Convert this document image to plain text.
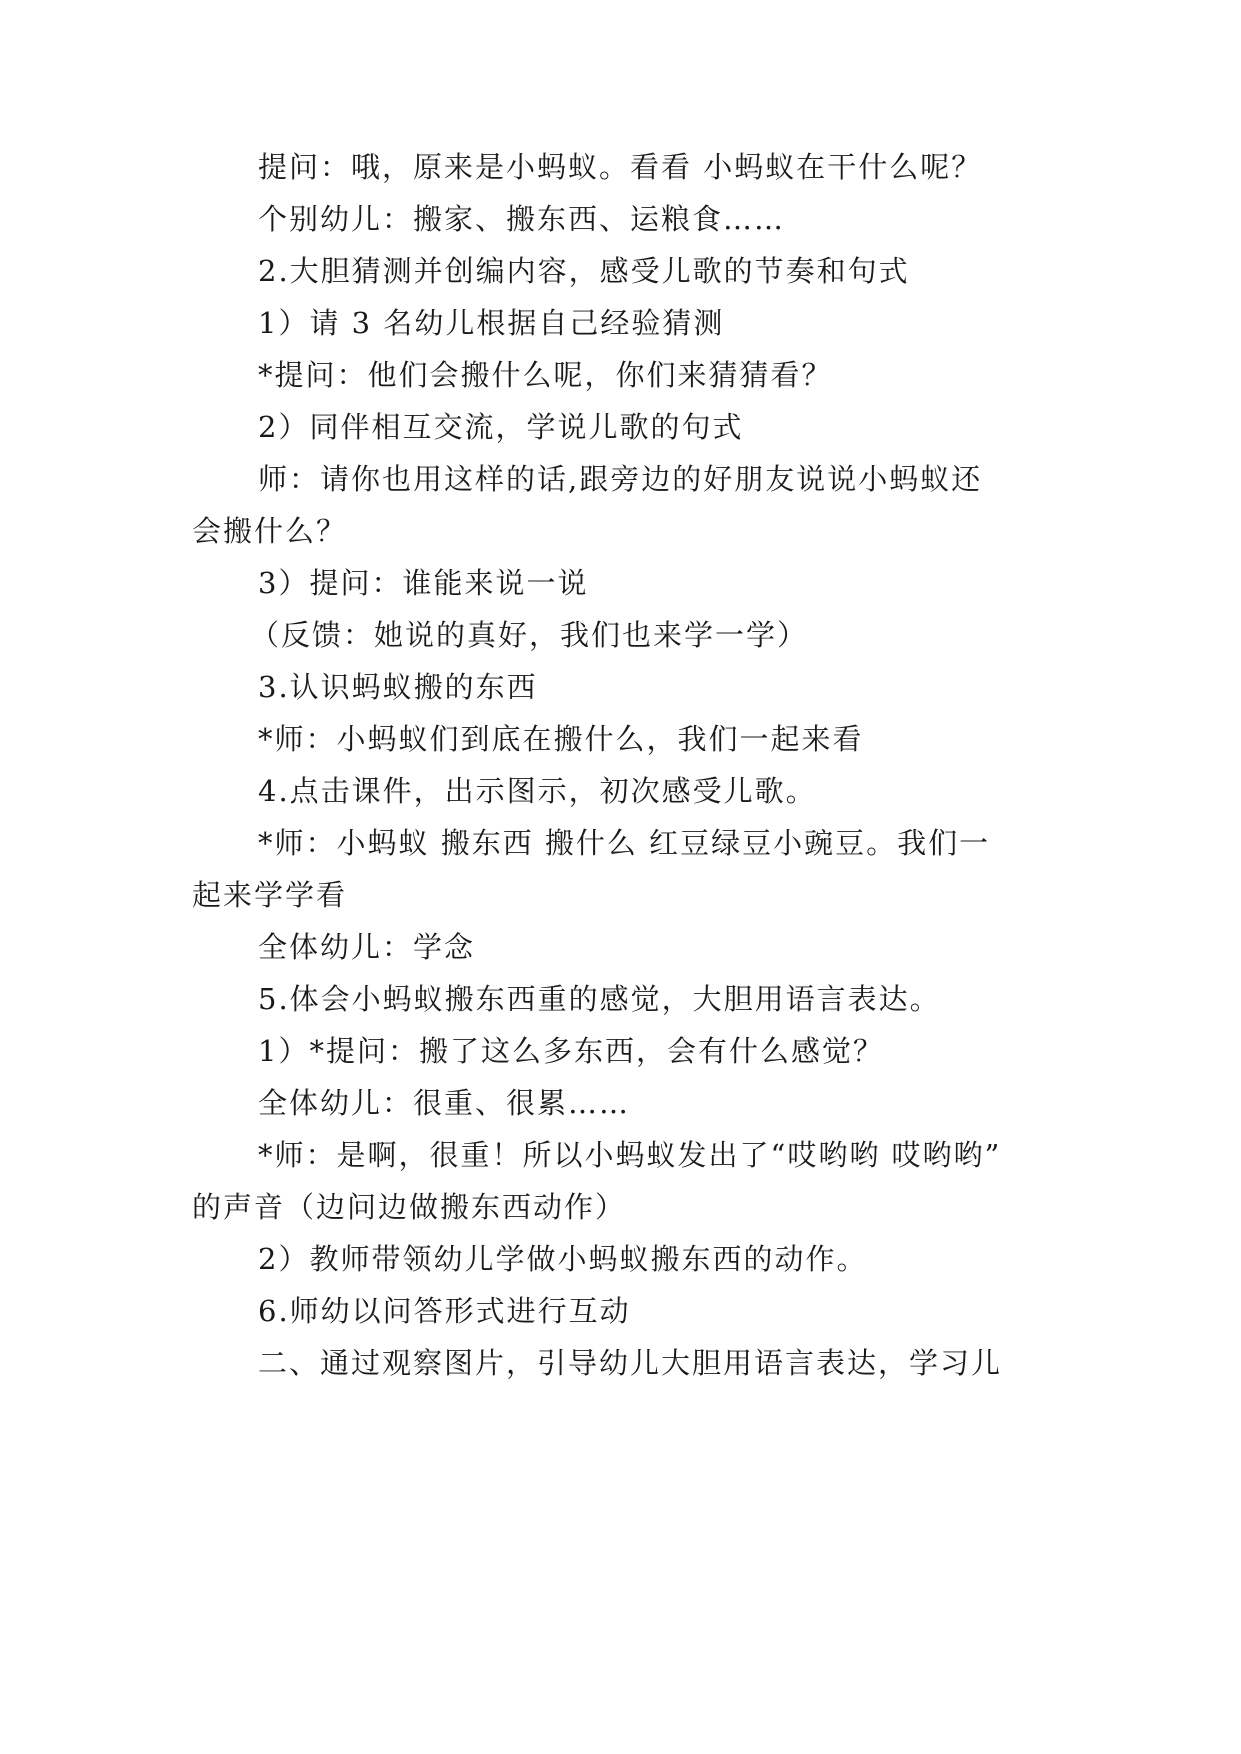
提问：哦，原来是小蚂蚁。看看 小蚂蚁在干什么呢？
个别幼儿：搬家、搬东西、运粮食……
2.大胆猜测并创编内容，感受儿歌的节奏和句式
1）请 3 名幼儿根据自己经验猜测
*提问：他们会搬什么呢，你们来猜猜看？
2）同伴相互交流，学说儿歌的句式
师：请你也用这样的话,跟旁边的好朋友说说小蚂蚁还
会搬什么？
3）提问：谁能来说一说
（反馈：她说的真好，我们也来学一学）
3.认识蚂蚁搬的东西
*师：小蚂蚁们到底在搬什么，我们一起来看
4.点击课件，出示图示，初次感受儿歌。
*师：小蚂蚁 搬东西 搬什么 红豆绿豆小豌豆。我们一
起来学学看
全体幼儿：学念
5.体会小蚂蚁搬东西重的感觉，大胆用语言表达。
1）*提问：搬了这么多东西，会有什么感觉？
全体幼儿：很重、很累……
*师：是啊，很重！所以小蚂蚁发出了“哎哟哟 哎哟哟”
的声音（边问边做搬东西动作）
2）教师带领幼儿学做小蚂蚁搬东西的动作。
6.师幼以问答形式进行互动
二、通过观察图片，引导幼儿大胆用语言表达，学习儿
